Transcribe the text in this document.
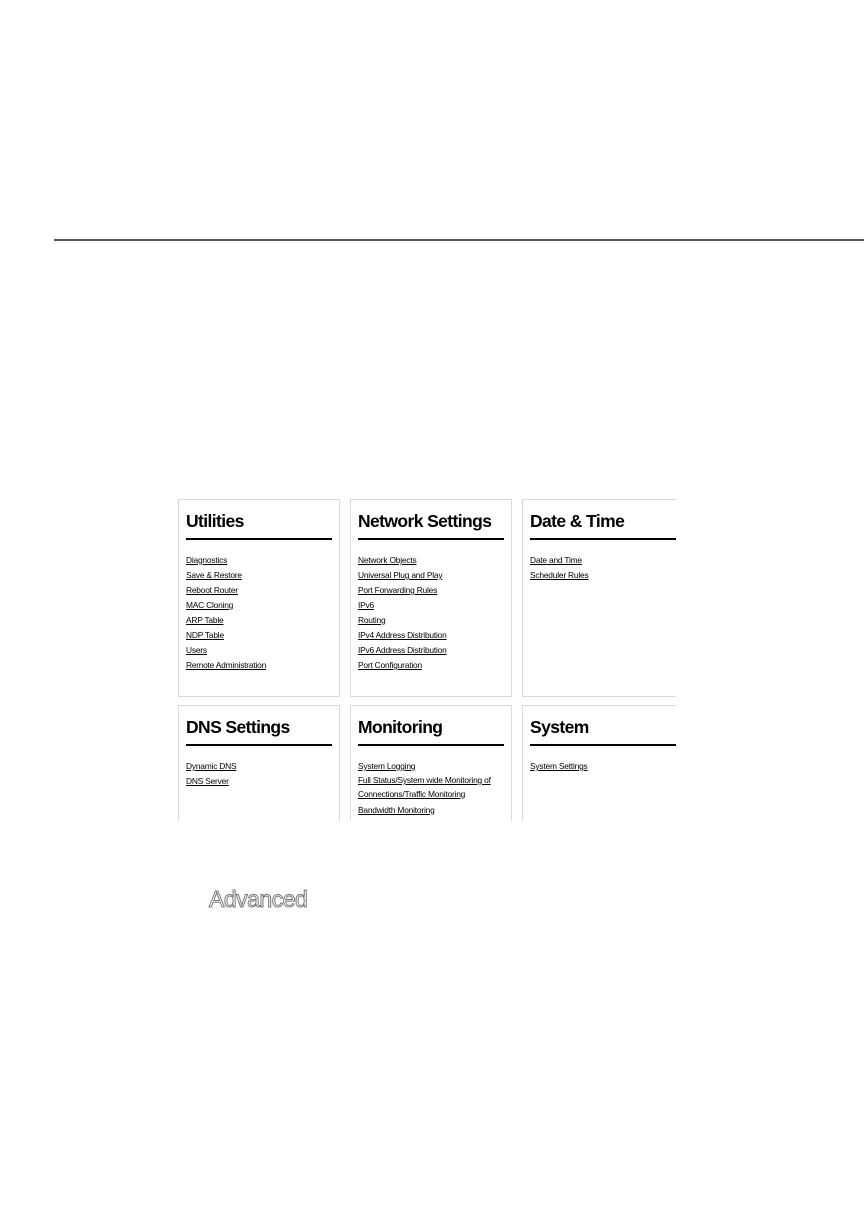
Utilities
Diagnostics
Save & Restore
Reboot Router
MAC Cloning
ARP Table
NDP Table
Users
Remote Administration
Network Settings
Network Objects
Universal Plug and Play
Port Forwarding Rules
IPv6
Routing
IPv4 Address Distribution
IPv6 Address Distribution
Port Configuration
Date & Time
Date and Time
Scheduler Rules
DNS Settings
Dynamic DNS
DNS Server
Monitoring
System Logging
Full Status/System wide Monitoring of Connections/Traffic Monitoring
Bandwidth Monitoring
System
System Settings
Advanced
